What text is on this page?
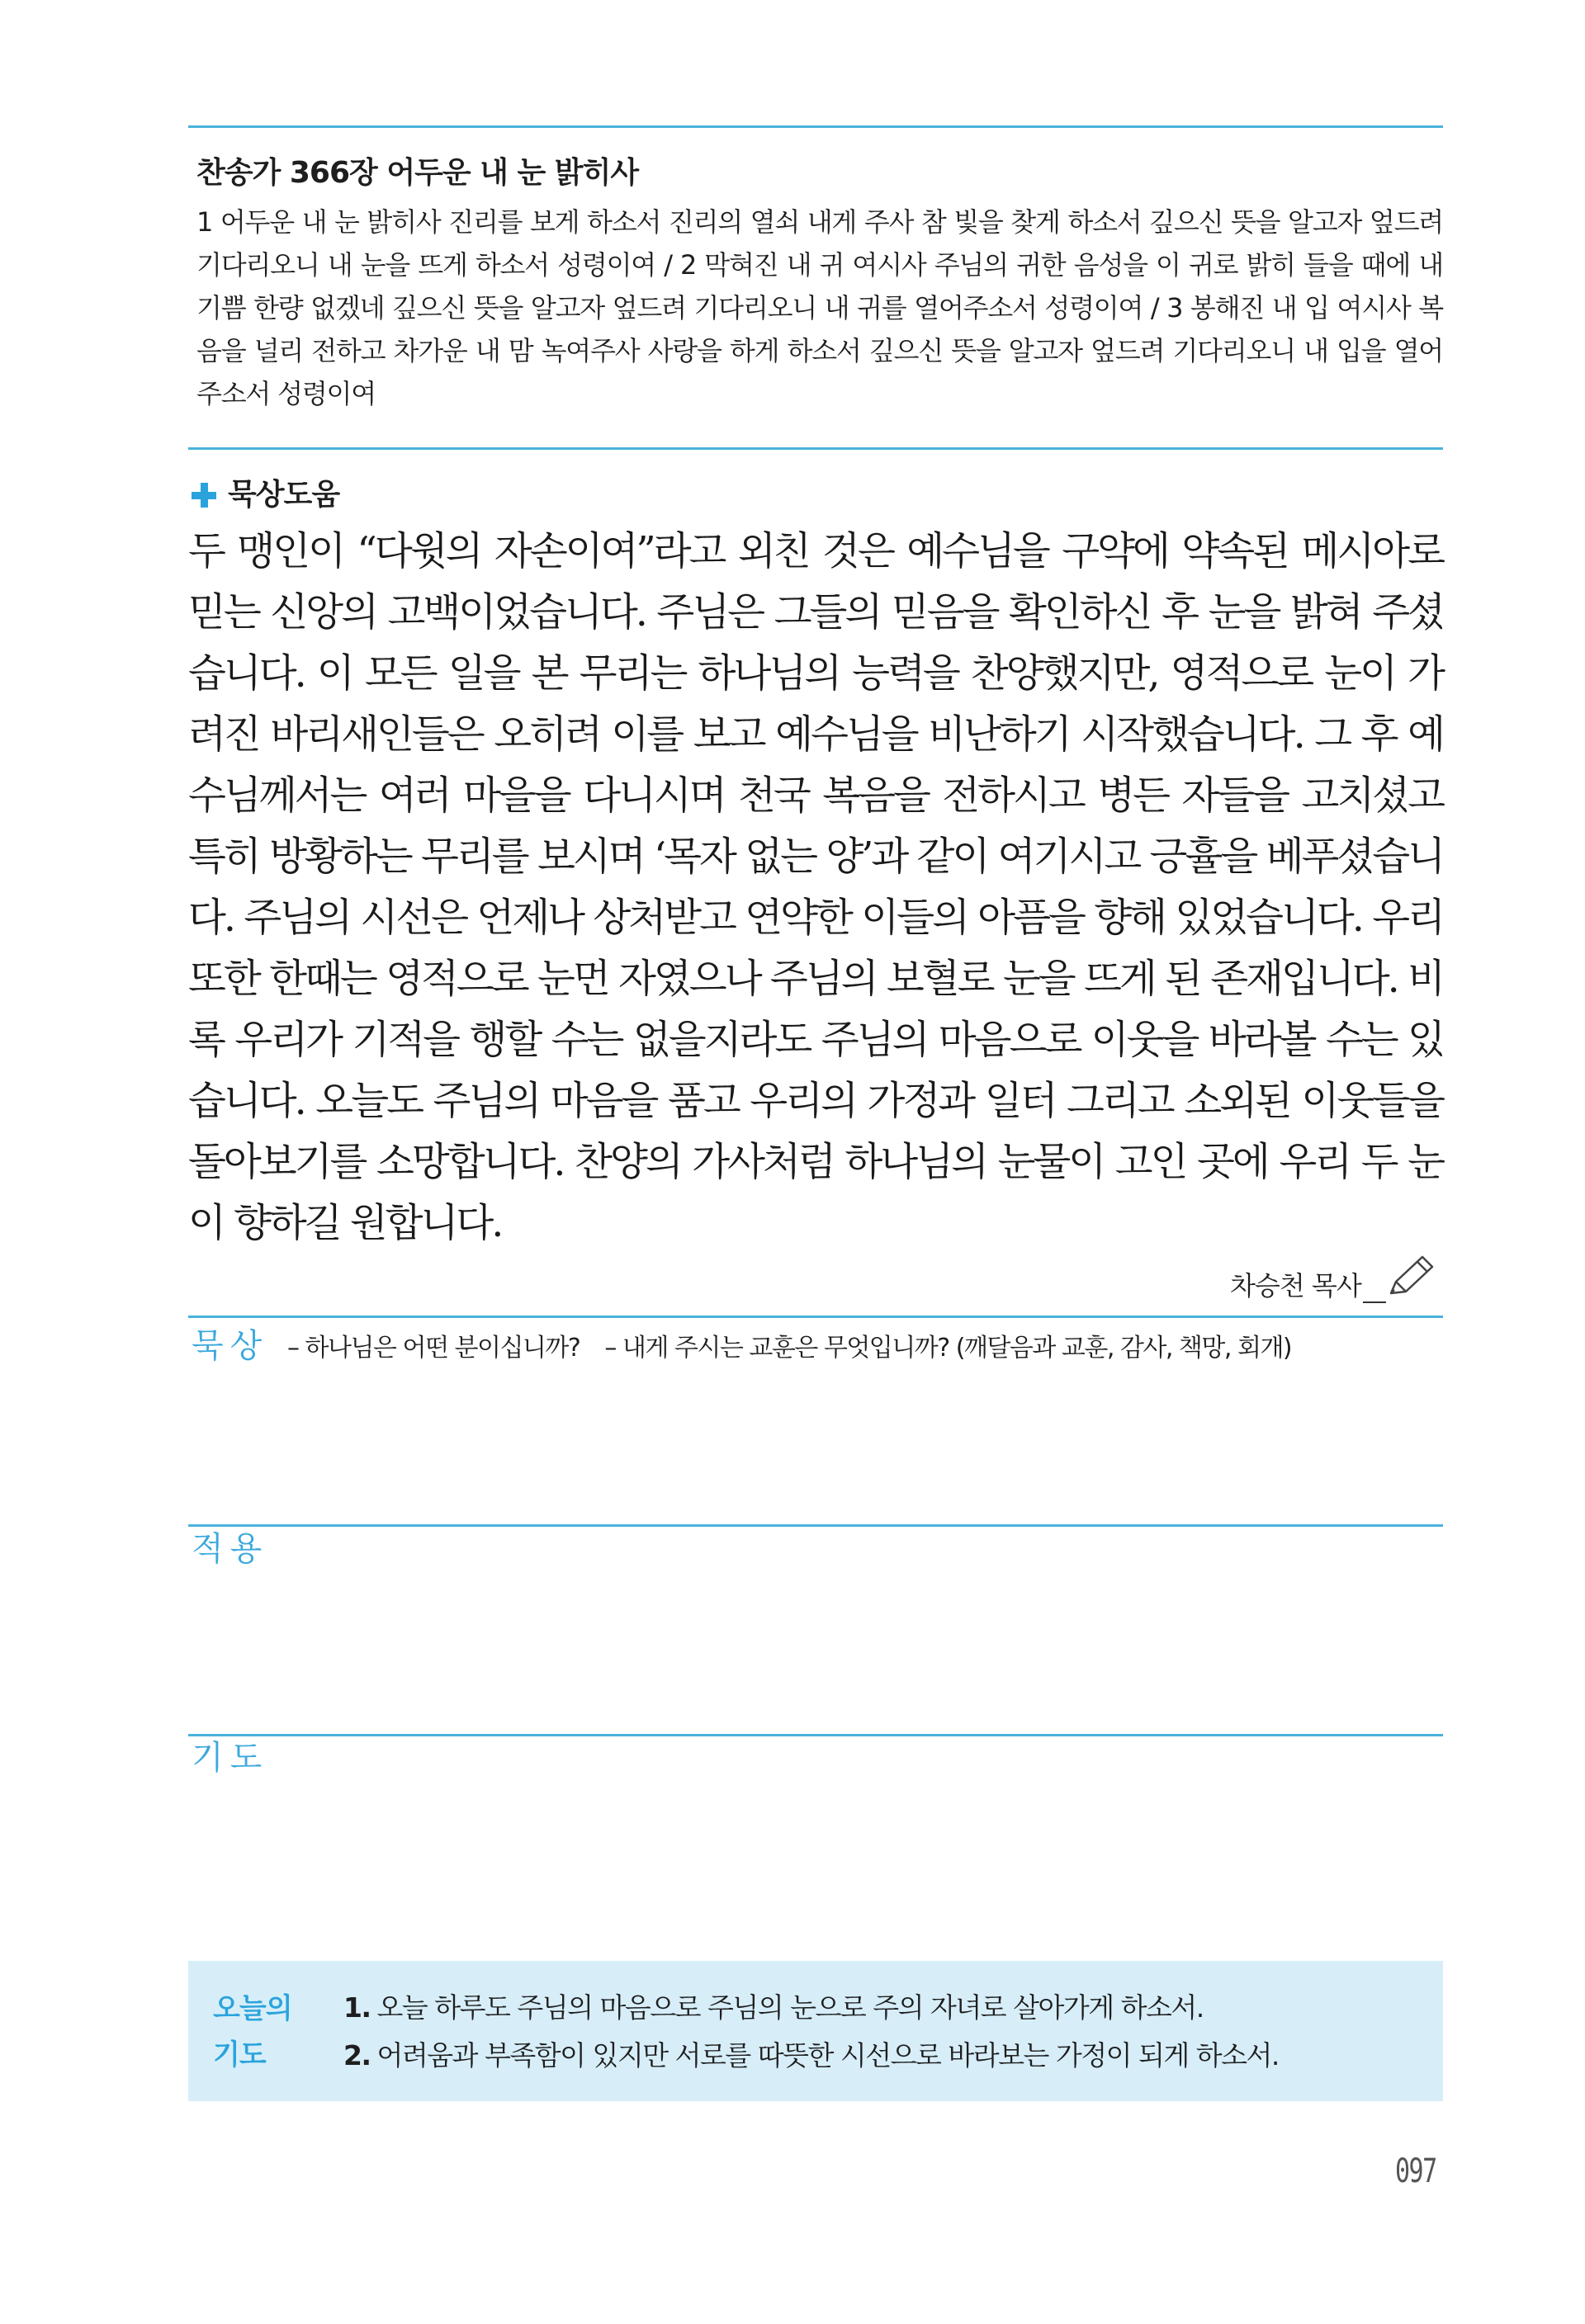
찬송가 366장 어두운 내 눈 밝히사
1 어두운 내 눈 밝히사 진리를 보게 하소서 진리의 열쇠 내게 주사 참 빛을 찾게 하소서 깊으신 뜻을 알고자 엎드려 기다리오니 내 눈을 뜨게 하소서 성령이여 / 2 막혀진 내 귀 여시사 주님의 귀한 음성을 이 귀로 밝히 들을 때에 내 기쁨 한량 없겠네 깊으신 뜻을 알고자 엎드려 기다리오니 내 귀를 열어주소서 성령이여 / 3 봉해진 내 입 여시사 복음을 널리 전하고 차가운 내 맘 녹여주사 사랑을 하게 하소서 깊으신 뜻을 알고자 엎드려 기다리오니 내 입을 열어 주소서 성령이여
묵상도움
두 맹인이 “다윗의 자손이여”라고 외친 것은 예수님을 구약에 약속된 메시아로 믿는 신앙의 고백이었습니다. 주님은 그들의 믿음을 확인하신 후 눈을 밝혀 주셨습니다. 이 모든 일을 본 무리는 하나님의 능력을 찬양했지만, 영적으로 눈이 가려진 바리새인들은 오히려 이를 보고 예수님을 비난하기 시작했습니다. 그 후 예수님께서는 여러 마을을 다니시며 천국 복음을 전하시고 병든 자들을 고치셨고 특히 방황하는 무리를 보시며 ‘목자 없는 양’과 같이 여기시고 긍휼을 베푸셨습니다. 주님의 시선은 언제나 상처받고 연약한 이들의 아픔을 향해 있었습니다. 우리 또한 한때는 영적으로 눈먼 자였으나 주님의 보혈로 눈을 뜨게 된 존재입니다. 비록 우리가 기적을 행할 수는 없을지라도 주님의 마음으로 이웃을 바라볼 수는 있습니다. 오늘도 주님의 마음을 품고 우리의 가정과 일터 그리고 소외된 이웃들을 돌아보기를 소망합니다. 찬양의 가사처럼 하나님의 눈물이 고인 곳에 우리 두 눈이 향하길 원합니다.
차승천 목사
묵상 – 하나님은 어떤 분이십니까? – 내게 주시는 교훈은 무엇입니까? (깨달음과 교훈, 감사, 책망, 회개)
적용
기도
오늘의
기도
1. 오늘 하루도 주님의 마음으로 주님의 눈으로 주의 자녀로 살아가게 하소서.
2. 어려움과 부족함이 있지만 서로를 따뜻한 시선으로 바라보는 가정이 되게 하소서.
097
